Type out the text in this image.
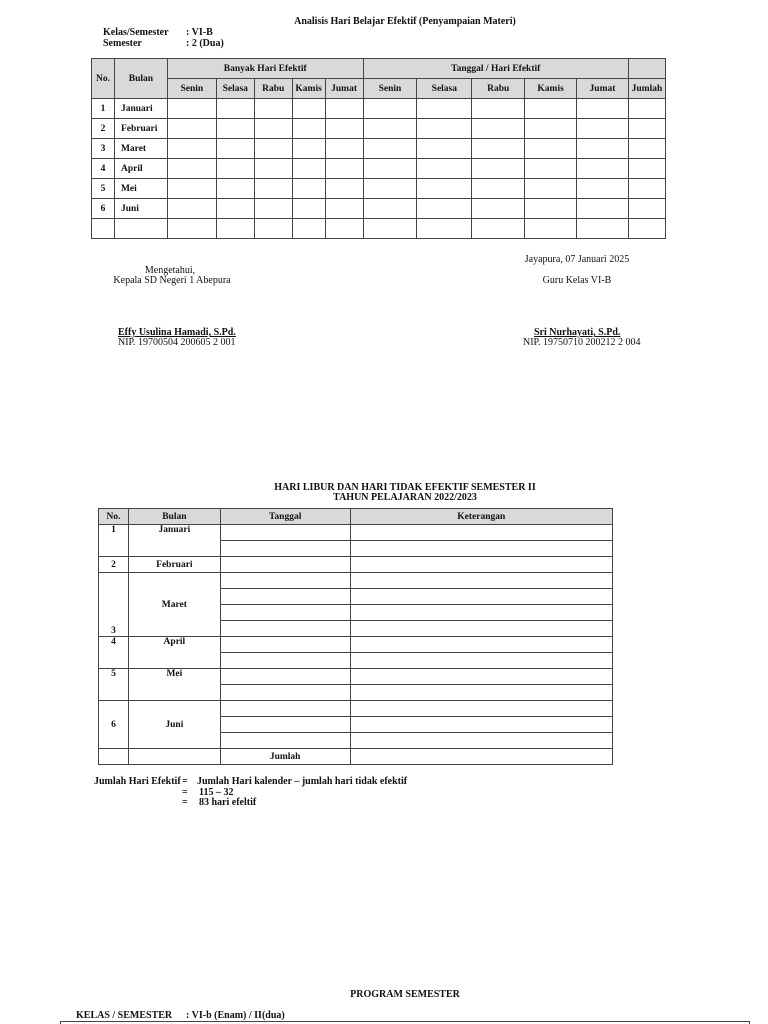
Analisis Hari Belajar Efektif (Penyampaian Materi)
Kelas/Semester : VI-B
Semester	: 2 (Dua)
No.	Bulan	Banyak Hari Efektif					Tanggal / Hari Efektif					
		Senin	Selasa	Rabu	Kamis	Jumat	Senin	Selasa	Rabu	Kamis	Jumat	Jumlah
1	Januari											
2	Februari											
3	Maret											
4	April											
5	Mei											
6	Juni											

Mengetahui,
Kepala SD Negeri 1 Abepura
Effy Usulina Hamadi, S.Pd.
NIP. 19700504 200605 2 001
Jayapura, 07 Januari 2025
Guru Kelas VI-B
Sri Nurhayati, S.Pd.
NIP. 19750710 200212 2 004
HARI LIBUR DAN HARI TIDAK EFEKTIF SEMESTER II
TAHUN PELAJARAN 2022/2023
No.	Bulan	Tanggal	Keterangan
1	Januari		

2	Februari		
3	Maret		

4	April		

5	Mei		

6	Juni		

		Jumlah	
Jumlah Hari Efektif = Jumlah Hari kalender – jumlah hari tidak efektif
= 115 – 32
= 83 hari efeltif
PROGRAM SEMESTER
KELAS / SEMESTER : VI-b (Enam) / II(dua)
